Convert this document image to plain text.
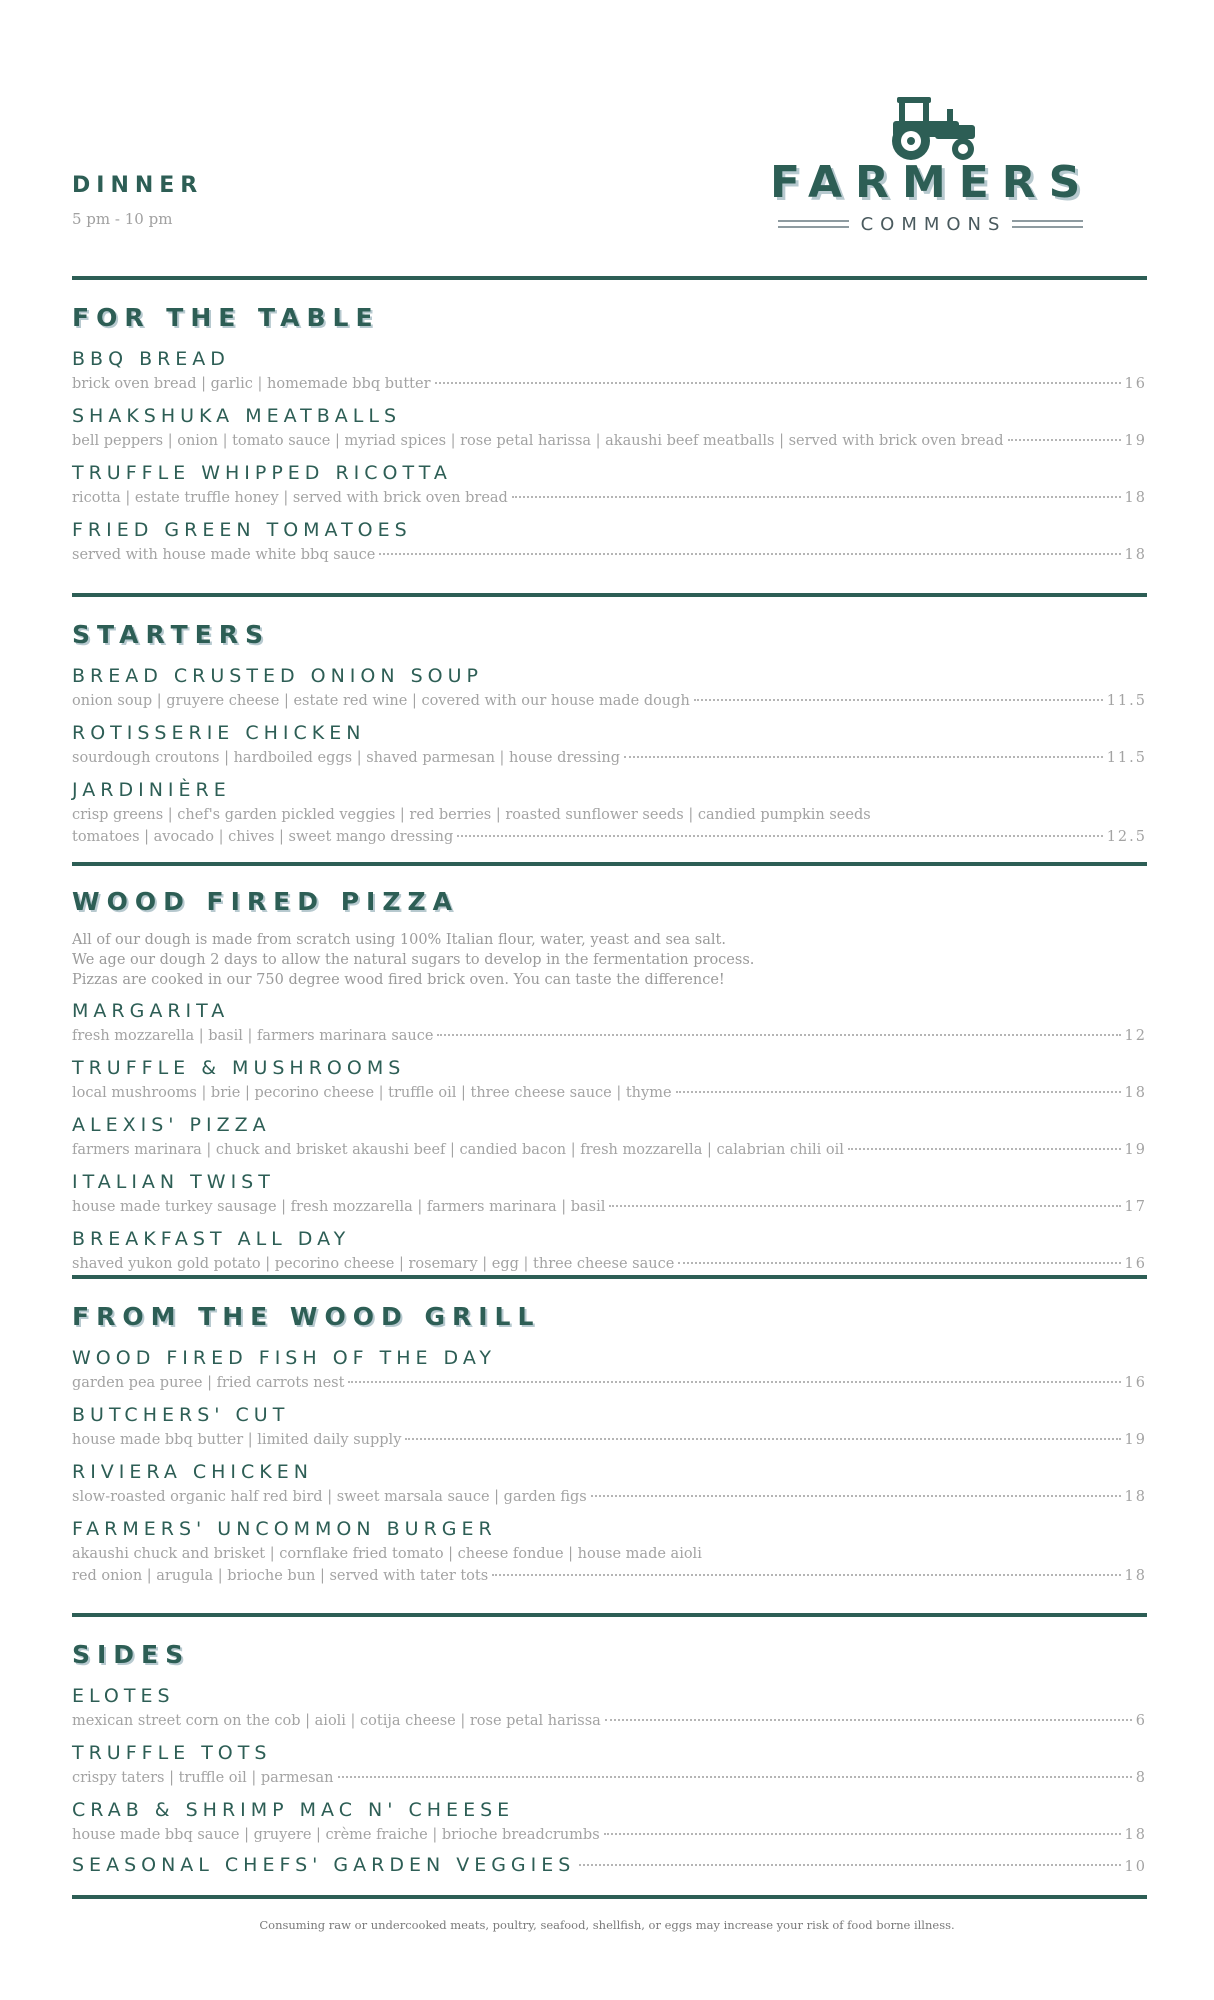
DINNER
5 pm - 10 pm
FARMERS
COMMONS
FOR THE TABLE
BBQ BREAD
brick oven bread | garlic | homemade bbq butter	16
SHAKSHUKA MEATBALLS
bell peppers | onion | tomato sauce | myriad spices | rose petal harissa | akaushi beef meatballs | served with brick oven bread	19
TRUFFLE WHIPPED RICOTTA
ricotta | estate truffle honey | served with brick oven bread	18
FRIED GREEN TOMATOES
served with house made white bbq sauce	18
STARTERS
BREAD CRUSTED ONION SOUP
onion soup | gruyere cheese | estate red wine | covered with our house made dough	11.5
ROTISSERIE CHICKEN
sourdough croutons | hardboiled eggs | shaved parmesan | house dressing	11.5
JARDINIÈRE
crisp greens | chef's garden pickled veggies | red berries | roasted sunflower seeds | candied pumpkin seeds
tomatoes | avocado | chives | sweet mango dressing	12.5
WOOD FIRED PIZZA
All of our dough is made from scratch using 100% Italian flour, water, yeast and sea salt.
We age our dough 2 days to allow the natural sugars to develop in the fermentation process.
Pizzas are cooked in our 750 degree wood fired brick oven. You can taste the difference!
MARGARITA
fresh mozzarella | basil | farmers marinara sauce	12
TRUFFLE & MUSHROOMS
local mushrooms | brie | pecorino cheese | truffle oil | three cheese sauce | thyme	18
ALEXIS' PIZZA
farmers marinara | chuck and brisket akaushi beef | candied bacon | fresh mozzarella | calabrian chili oil	19
ITALIAN TWIST
house made turkey sausage | fresh mozzarella | farmers marinara | basil	17
BREAKFAST ALL DAY
shaved yukon gold potato | pecorino cheese | rosemary | egg | three cheese sauce	16
FROM THE WOOD GRILL
WOOD FIRED FISH OF THE DAY
garden pea puree | fried carrots nest	16
BUTCHERS' CUT
house made bbq butter | limited daily supply	19
RIVIERA CHICKEN
slow-roasted organic half red bird | sweet marsala sauce | garden figs	18
FARMERS' UNCOMMON BURGER
akaushi chuck and brisket | cornflake fried tomato | cheese fondue | house made aioli
red onion | arugula | brioche bun | served with tater tots	18
SIDES
ELOTES
mexican street corn on the cob | aioli | cotija cheese | rose petal harissa	6
TRUFFLE TOTS
crispy taters | truffle oil | parmesan	8
CRAB & SHRIMP MAC N' CHEESE
house made bbq sauce | gruyere | crème fraiche | brioche breadcrumbs	18
SEASONAL CHEFS' GARDEN VEGGIES	10
Consuming raw or undercooked meats, poultry, seafood, shellfish, or eggs may increase your risk of food borne illness.
